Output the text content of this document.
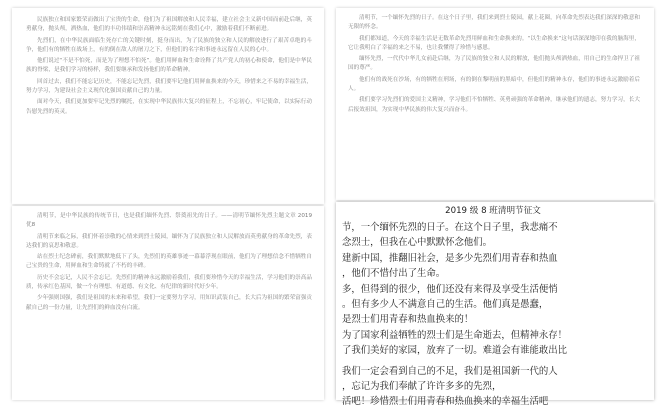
民族独立和国家繁荣而做出了宝贵的生命，他们为了祖国解放和人民幸福，建立社会主义新中国而前赴后继，英勇献身，抛头颅，洒热血，他们的丰功伟绩和崇高精神永远铭刻在我们心中，激励着我们不断前进。

先烈们，在中华民族面临生死存亡的关键时刻，挺身而出，为了民族的独立和人民的解放进行了艰苦卓绝的斗争，他们有的牺牲在战场上，有的倒在敌人的屠刀之下，但他们的名字和事迹永远留在人民的心中。

他们说过“不是不怕死，而是为了理想不怕死”。他们用鲜血和生命诠释了共产党人的初心和使命，他们是中华民族的脊梁，是我们学习的榜样，我们要继承和发扬他们的革命精神。

回首过去，我们不能忘记历史，不能忘记先烈，我们要牢记他们用鲜血换来的今天，珍惜来之不易的幸福生活，努力学习，为建设社会主义现代化强国贡献自己的力量。

面对今天，我们更加要牢记先烈的嘱托，在实现中华民族伟大复兴的征程上，不忘初心，牢记使命，以实际行动告慰先烈的英灵。

清明节，是中华民族的传统节日，也是我们缅怀先烈、祭奠祖先的日子。——清明节缅怀先烈主题文章 2019 优8

清明节来临之际，我们怀着崇敬的心情来到烈士陵园，缅怀为了民族独立和人民解放而英勇献身的革命先烈，表达我们的哀思和敬意。

站在烈士纪念碑前，我们默默地低下了头，先烈们的英雄事迹一幕幕浮现在眼前，他们为了理想信念不惜牺牲自己宝贵的生命，用鲜血和生命铸就了不朽的丰碑。

历史不会忘记，人民不会忘记。先烈们的精神永远激励着我们，我们要珍惜今天的幸福生活，学习他们的崇高品质，传承红色基因，做一个有理想、有道德、有文化、有纪律的新时代好少年。

少年强则国强，我们是祖国的未来和希望，我们一定要努力学习，用知识武装自己，长大后为祖国的繁荣富强贡献自己的一份力量，让先烈们的鲜血没有白流。

清明节，一个缅怀先烈的日子。在这个日子里，我们来到烈士陵园，献上花圈，向革命先烈表达我们深深的敬意和无限的怀念。

我们都知道，今天的幸福生活是无数革命先烈用鲜血和生命换来的。“以生命换来”这句话深深地印在我的脑海里，它让我明白了幸福的来之不易，也让我懂得了珍惜与感恩。

缅怀先烈，一代代中华儿女前赴后继，为了民族的独立和人民的解放，他们抛头颅洒热血，用自己的生命捍卫了祖国的尊严。

他们有的战死在沙场，有的牺牲在刑场，有的倒在黎明前的黑暗中，但他们的精神永存，他们的事迹永远激励着后人。

我们要学习先烈们的爱国主义精神，学习他们不怕牺牲、英勇顽强的革命精神，继承他们的遗志，努力学习，长大后报效祖国，为实现中华民族的伟大复兴而奋斗。

2019 级 8 班清明节征文

节，一个缅怀先烈的日子。在这个日子里，我悲痛不

念烈士，但我在心中默默怀念他们。

建新中国，推翻旧社会，是多少先烈们用青春和热血

，他们不惜付出了生命。

多，但得到的很少，他们还没有来得及享受生活便悄

。但有多少人不满意自己的生活。他们真是愚蠢，

是烈士们用青春和热血换来的！

为了国家利益牺牲的烈士们是生命逝去，但精神永存！

了我们美好的家园，放弃了一切。难道会有谁能敢出比

我们一定会看到自己的不足，我们是祖国新一代的人

，忘记为我们奉献了许许多多的先烈，

活吧！珍惜烈士们用青春和热血换来的幸福生活吧
